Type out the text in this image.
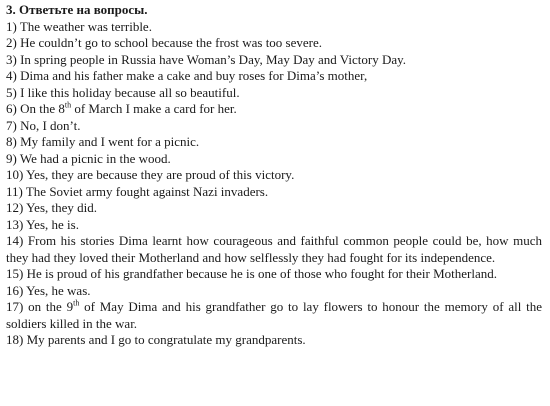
3. Ответьте на вопросы.

1) The weather was terrible.
2) He couldn’t go to school because the frost was too severe.
3) In spring people in Russia have Woman’s Day, May Day and Victory Day.
4) Dima and his father make a cake and buy roses for Dima’s mother,
5) I like this holiday because all so beautiful.
6) On the 8th of March I make a card for her.
7) No, I don’t.
8) My family and I went for a picnic.
9) We had a picnic in the wood.
10) Yes, they are because they are proud of this victory.
11) The Soviet army fought against Nazi invaders.
12) Yes, they did.
13) Yes, he is.
14) From his stories Dima learnt how courageous and faithful common people could be, how much they had they loved their Motherland and how selflessly they had fought for its independence.
15) He is proud of his grandfather because he is one of those who fought for their Motherland.
16) Yes, he was.
17) on the 9th of May Dima and his grandfather go to lay flowers to honour the memory of all the soldiers killed in the war.
18) My parents and I go to congratulate my grandparents.
